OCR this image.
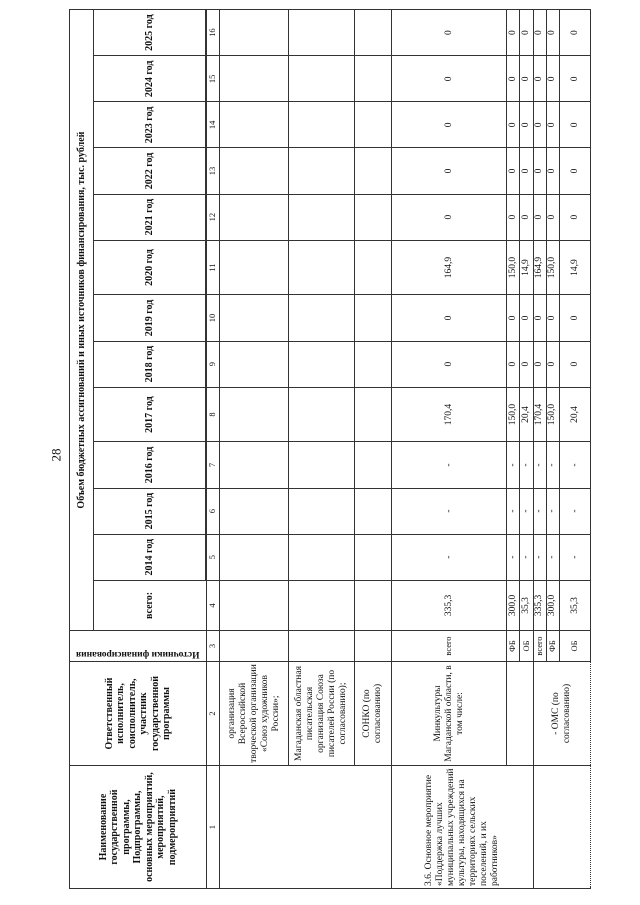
28
Наименование государственной программы, Подпрограммы, основных мероприятий, мероприятий, подмероприятий	Ответственный исполнитель, соисполнитель, участник государственной программы	Источники финансирования	Объем бюджетных ассигнований и иных источников финансирования, тыс. рублей												
			всего:	2014 год	2015 год	2016 год	2017 год	2018 год	2019 год	2020 год	2021 год	2022 год	2023 год	2024 год	2025 год

1	2	3	4	5	6	7	8	9	10	11	12	13	14	15	16
	организация Всероссийской творческой организации «Союз художников России»;														
	Магаданская областная писательская организация Союза писателей России (по согласованию);														
	СОНКО (по согласованию)														
3.6. Основное мероприятие «Поддержка лучших муниципальных учреждений культуры, находящихся на территориях сельских поселений, и их работников»	Минкультуры Магаданской области, в том числе:	всего	335,3	-	-	-	170,4	0	0	164,9	0	0	0	0	0
		ФБ	300,0	-	-	-	150,0	0	0	150,0	0	0	0	0	0
		ОБ	35,3	-	-	-	20,4	0	0	14,9	0	0	0	0	0
	- ОМС (по согласованию)	всего	335,3	-	-	-	170,4	0	0	164,9	0	0	0	0	0
		ФБ	300,0	-	-	-	150,0	0	0	150,0	0	0	0	0	0
		ОБ	35,3	-	-	-	20,4	0	0	14,9	0	0	0	0	0
